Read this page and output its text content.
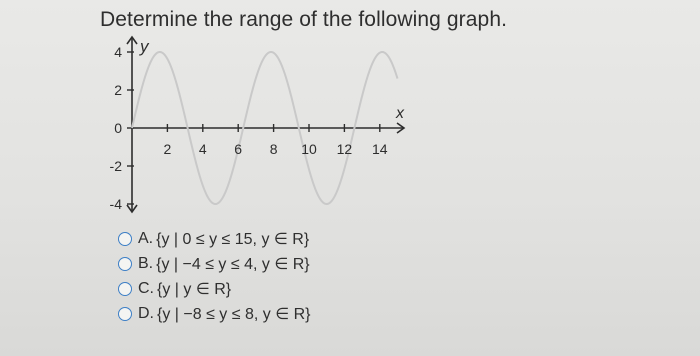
Determine the range of the following graph.
4
2
0
-2
-4
2 4 6 8 10 12 14
y
x
A. {y | 0 ≤ y ≤ 15, y ∈ R}
B. {y | −4 ≤ y ≤ 4, y ∈ R}
C. {y | y ∈ R}
D. {y | −8 ≤ y ≤ 8, y ∈ R}
